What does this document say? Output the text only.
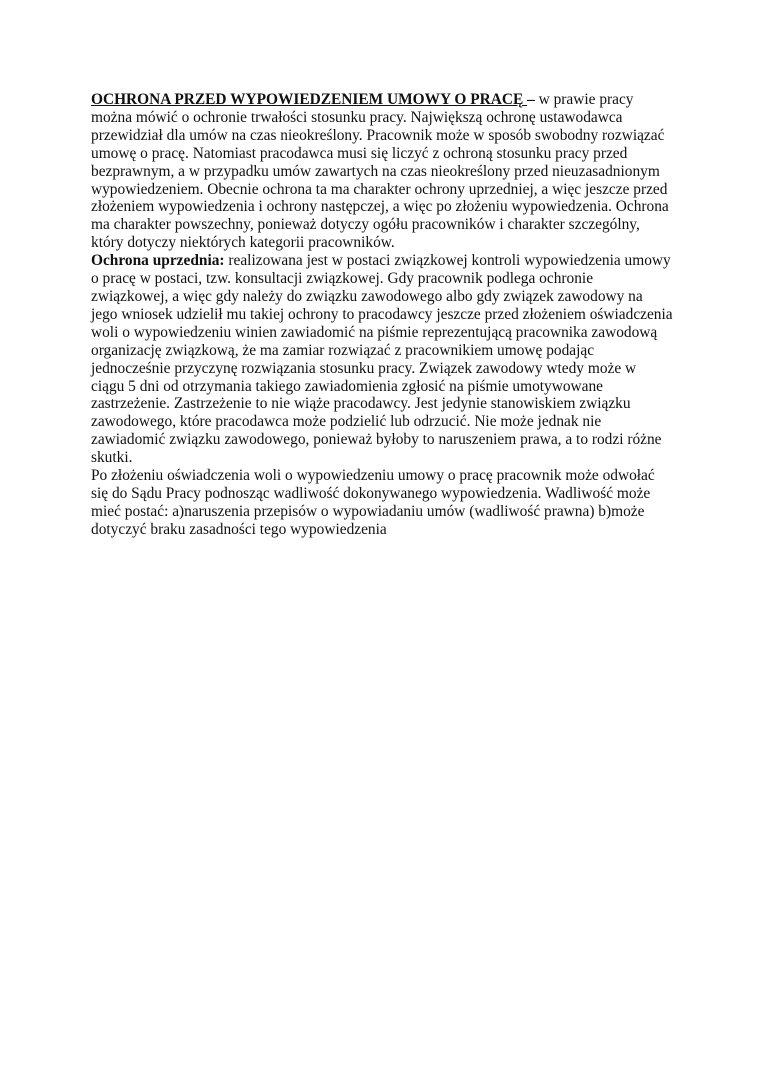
OCHRONA PRZED WYPOWIEDZENIEM UMOWY O PRACĘ – w prawie pracy można mówić o ochronie trwałości stosunku pracy. Największą ochronę ustawodawca przewidział dla umów na czas nieokreślony. Pracownik może w sposób swobodny rozwiązać umowę o pracę. Natomiast pracodawca musi się liczyć z ochroną stosunku pracy przed bezprawnym, a w przypadku umów zawartych na czas nieokreślony przed nieuzasadnionym wypowiedzeniem. Obecnie ochrona ta ma charakter ochrony uprzedniej, a więc jeszcze przed złożeniem wypowiedzenia i ochrony następczej, a więc po złożeniu wypowiedzenia. Ochrona ma charakter powszechny, ponieważ dotyczy ogółu pracowników i charakter szczególny, który dotyczy niektórych kategorii pracowników.

Ochrona uprzednia: realizowana jest w postaci związkowej kontroli wypowiedzenia umowy o pracę w postaci, tzw. konsultacji związkowej. Gdy pracownik podlega ochronie związkowej, a więc gdy należy do związku zawodowego albo gdy związek zawodowy na jego wniosek udzielił mu takiej ochrony to pracodawcy jeszcze przed złożeniem oświadczenia woli o wypowiedzeniu winien zawiadomić na piśmie reprezentującą pracownika zawodową organizację związkową, że ma zamiar rozwiązać z pracownikiem umowę podając jednocześnie przyczynę rozwiązania stosunku pracy. Związek zawodowy wtedy może w ciągu 5 dni od otrzymania takiego zawiadomienia zgłosić na piśmie umotywowane zastrzeżenie. Zastrzeżenie to nie wiąże pracodawcy. Jest jedynie stanowiskiem związku zawodowego, które pracodawca może podzielić lub odrzucić. Nie może jednak nie zawiadomić związku zawodowego, ponieważ byłoby to naruszeniem prawa, a to rodzi różne skutki.

Po złożeniu oświadczenia woli o wypowiedzeniu umowy o pracę pracownik może odwołać się do Sądu Pracy podnosząc wadliwość dokonywanego wypowiedzenia. Wadliwość może mieć postać: a)naruszenia przepisów o wypowiadaniu umów (wadliwość prawna) b)może dotyczyć braku zasadności tego wypowiedzenia
